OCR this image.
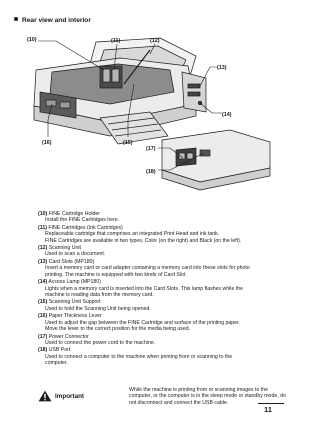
Rear view and interior
(10)	(11)	(12)
(13)
(14)
(15)
(16)
(17)
(18)
(10) FINE Cartridge Holder
Install the FINE Cartridges here.
(11) FINE Cartridges (Ink Cartridges)
Replaceable cartridge that comprises an integrated Print Head and ink tank.
FINE Cartridges are available in two types, Color (on the right) and Black (on the left).
(12) Scanning Unit
Used to scan a document.
(13) Card Slots (MP180)
Insert a memory card or card adapter containing a memory card into these slots for photo
printing. The machine is equipped with two kinds of Card Slot.
(14) Access Lamp (MP180)
Lights when a memory card is inserted into the Card Slots. This lamp flashes while the
machine is reading data from the memory card.
(15) Scanning Unit Support
Used to hold the Scanning Unit being opened.
(16) Paper Thickness Lever
Used to adjust the gap between the FINE Cartridge and surface of the printing paper.
Move the lever to the correct position for the media being used.
(17) Power Connector
Used to connect the power cord to the machine.
(18) USB Port
Used to connect a computer to the machine when printing from or scanning to the
computer.
Important
While the machine is printing from or scanning images to the
computer, or the computer is in the sleep mode or standby mode, do
not disconnect and connect the USB cable.
11
